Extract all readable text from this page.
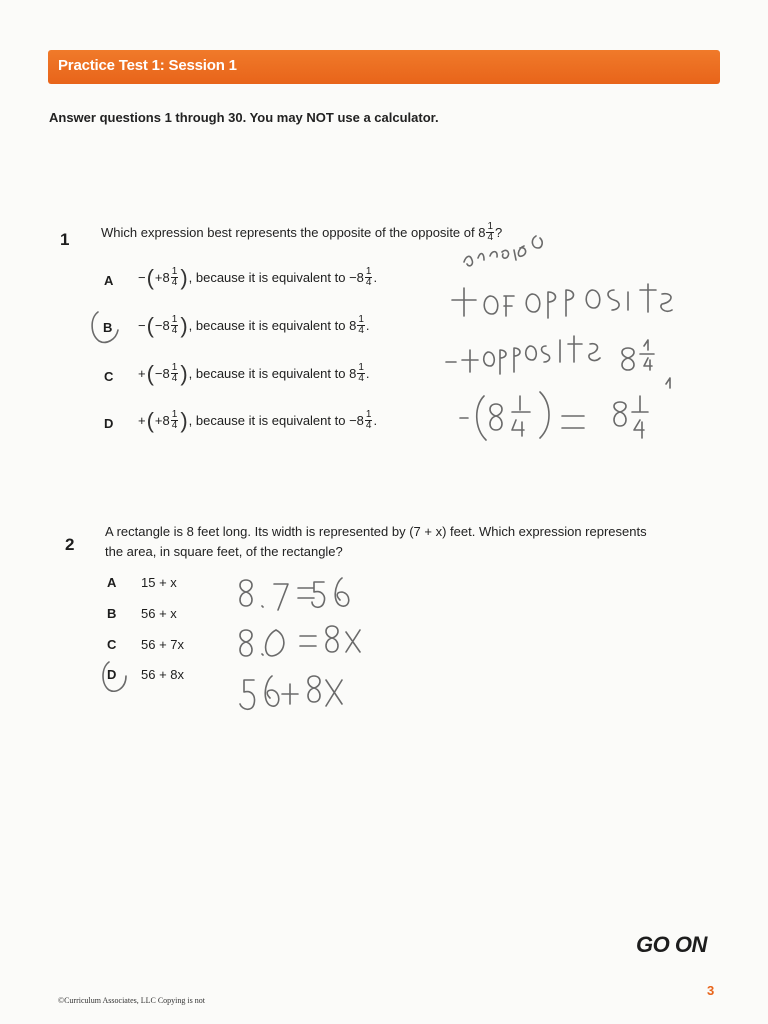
Practice Test 1: Session 1
Answer questions 1 through 30. You may NOT use a calculator.
1 Which expression best represents the opposite of the opposite of $8 \frac{1}{4}$ ?
A − ( $+8 \frac{1}{4}$ ) , because it is equivalent to $-8 \frac{1}{4}$ .
B − ( $-8 \frac{1}{4}$ ) , because it is equivalent to $8 \frac{1}{4}$ .
C + ( $-8 \frac{1}{4}$ ) , because it is equivalent to $8 \frac{1}{4}$ .
D + ( $+8 \frac{1}{4}$ ) , because it is equivalent to $-8 \frac{1}{4}$ .
2
A rectangle is 8 feet long. Its width is represented by (7 + x) feet. Which expression represents
the area, in square feet, of the rectangle?
A 15 + x
B 56 + x
C 56 + 7x
D 56 + 8x
GO ON
3
©Curriculum Associates, LLC Copying is not
